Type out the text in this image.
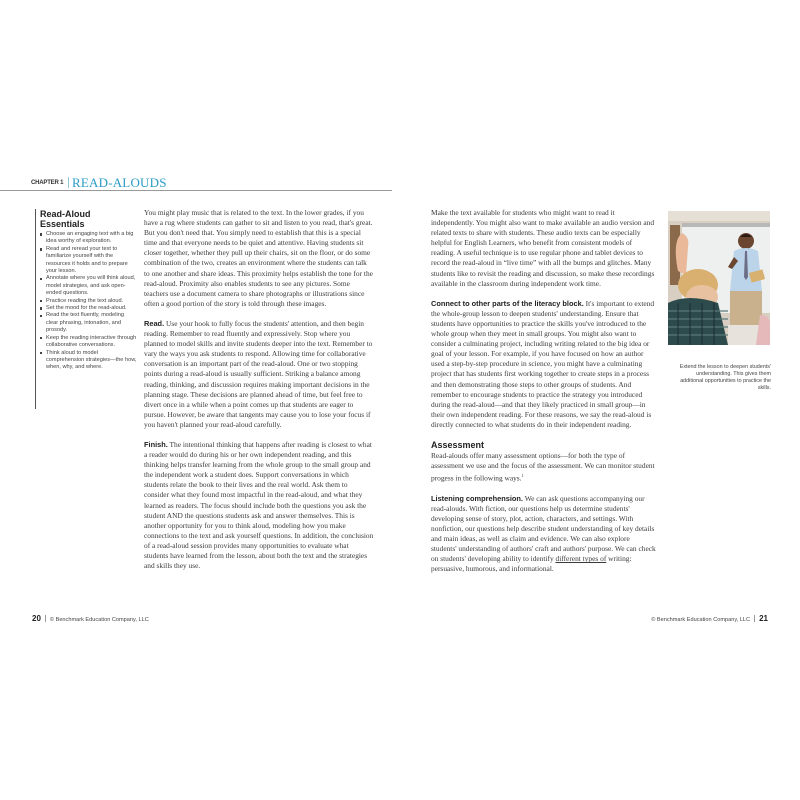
CHAPTER 1 READ-ALOUDS
Read-Aloud Essentials
Choose an engaging text with a big idea worthy of exploration.
Read and reread your text to familiarize yourself with the resources it holds and to prepare your lesson.
Annotate where you will think aloud, model strategies, and ask open-ended questions.
Practice reading the text aloud.
Set the mood for the read-aloud.
Read the text fluently, modeling clear phrasing, intonation, and prosody.
Keep the reading interactive through collaborative conversations.
Think aloud to model comprehension strategies—the how, when, why, and where.

You might play music that is related to the text. In the lower grades, if you have a rug where students can gather to sit and listen to you read, that's great. But you don't need that. You simply need to establish that this is a special time and that everyone needs to be quiet and attentive. Having students sit closer together, whether they pull up their chairs, sit on the floor, or do some combination of the two, creates an environment where the students can talk to one another and share ideas. This proximity helps establish the tone for the read-aloud. Proximity also enables students to see any pictures. Some teachers use a document camera to share photographs or illustrations since often a good portion of the story is told through these images.

Read. Use your hook to fully focus the students' attention, and then begin reading. Remember to read fluently and expressively. Stop where you planned to model skills and invite students deeper into the text. Remember to vary the ways you ask students to respond. Allowing time for collaborative conversation is an important part of the read-aloud. One or two stopping points during a read-aloud is usually sufficient. Striking a balance among reading, thinking, and discussion requires making important decisions in the planning stage. These decisions are planned ahead of time, but feel free to divert once in a while when a point comes up that students are eager to pursue. However, be aware that tangents may cause you to lose your focus if you haven't planned your read-aloud carefully.

Finish. The intentional thinking that happens after reading is closest to what a reader would do during his or her own independent reading, and this thinking helps transfer learning from the whole group to the small group and the independent work a student does. Support conversations in which students relate the book to their lives and the real world. Ask them to consider what they found most impactful in the read-aloud, and what they learned as readers. The focus should include both the questions you ask the student AND the questions students ask and answer themselves. This is another opportunity for you to think aloud, modeling how you make connections to the text and ask yourself questions. In addition, the conclusion of a read-aloud session provides many opportunities to evaluate what students have learned from the lesson, about both the text and the strategies and skills they use.

Make the text available for students who might want to read it independently. You might also want to make available an audio version and related texts to share with students. These audio texts can be especially helpful for English Learners, who benefit from consistent models of reading. A useful technique is to use regular phone and tablet devices to record the read-aloud in “live time” with all the bumps and glitches. Many students like to revisit the reading and discussion, so make these recordings available in the classroom during independent work time.

Connect to other parts of the literacy block. It's important to extend the whole-group lesson to deepen students' understanding. Ensure that students have opportunities to practice the skills you've introduced to the whole group when they meet in small groups. You might also want to consider a culminating project, including writing related to the big idea or goal of your lesson. For example, if you have focused on how an author used a step-by-step procedure in science, you might have a culminating project that has students first working together to create steps in a process and then demonstrating those steps to other groups of students. And remember to encourage students to practice the strategy you introduced during the read-aloud—and that they likely practiced in small group—in their own independent reading. For these reasons, we say the read-aloud is directly connected to what students do in their independent reading.

Assessment

Read-alouds offer many assessment options—for both the type of assessment we use and the focus of the assessment. We can monitor student progess in the following ways.$^1$

Listening comprehension. We can ask questions accompanying our read-alouds. With fiction, our questions help us determine students' developing sense of story, plot, action, characters, and settings. With nonfiction, our questions help describe student understanding of key details and main ideas, as well as claim and evidence. We can also explore students' understanding of authors' craft and authors' purpose. We can check on students' developing ability to identify different types of writing: persuasive, humorous, and informational.

Extend the lesson to deepen students' understanding. This gives them additional opportunities to practice the skills.
20 © Benchmark Education Company, LLC	© Benchmark Education Company, LLC 21
